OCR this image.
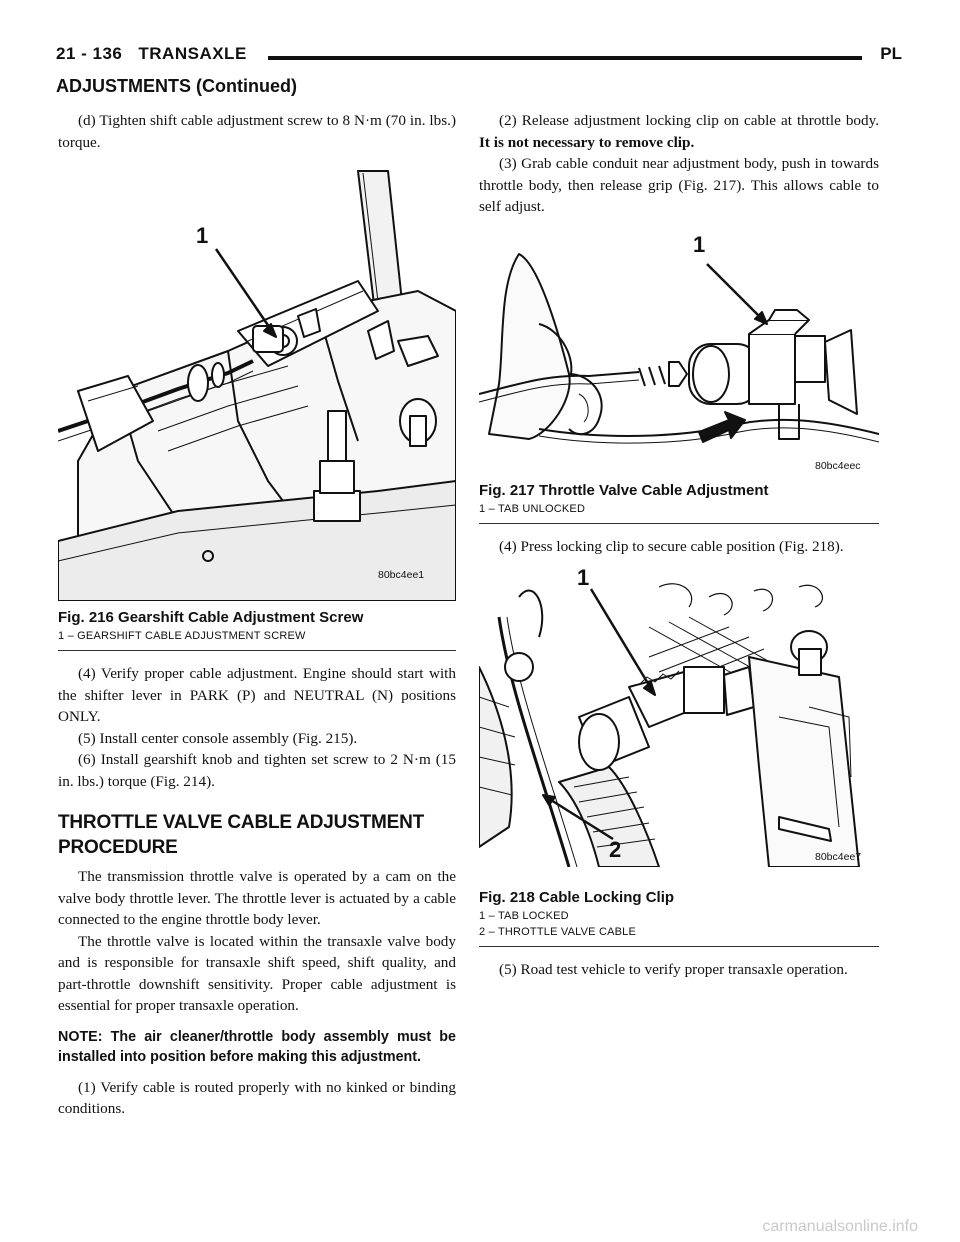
21 - 136 TRANSAXLE	PL
ADJUSTMENTS (Continued)

(d) Tighten shift cable adjustment screw to 8 N·m (70 in. lbs.) torque.

1
80bc4ee1
Fig. 216 Gearshift Cable Adjustment Screw
1 – GEARSHIFT CABLE ADJUSTMENT SCREW

(4) Verify proper cable adjustment. Engine should start with the shifter lever in PARK (P) and NEUTRAL (N) positions ONLY.

(5) Install center console assembly (Fig. 215).

(6) Install gearshift knob and tighten set screw to 2 N·m (15 in. lbs.) torque (Fig. 214).

THROTTLE VALVE CABLE ADJUSTMENT PROCEDURE

The transmission throttle valve is operated by a cam on the valve body throttle lever. The throttle lever is actuated by a cable connected to the engine throttle body lever.

The throttle valve is located within the transaxle valve body and is responsible for transaxle shift speed, shift quality, and part-throttle downshift sensitivity. Proper cable adjustment is essential for proper transaxle operation.

NOTE: The air cleaner/throttle body assembly must be installed into position before making this adjustment.

(1) Verify cable is routed properly with no kinked or binding conditions.

(2) Release adjustment locking clip on cable at throttle body. It is not necessary to remove clip.

(3) Grab cable conduit near adjustment body, push in towards throttle body, then release grip (Fig. 217). This allows cable to self adjust.

1
80bc4eec
Fig. 217 Throttle Valve Cable Adjustment
1 – TAB UNLOCKED

(4) Press locking clip to secure cable position (Fig. 218).

1
2	80bc4ee7
Fig. 218 Cable Locking Clip
1 – TAB LOCKED
2 – THROTTLE VALVE CABLE

(5) Road test vehicle to verify proper transaxle operation.

carmanualsonline.info
